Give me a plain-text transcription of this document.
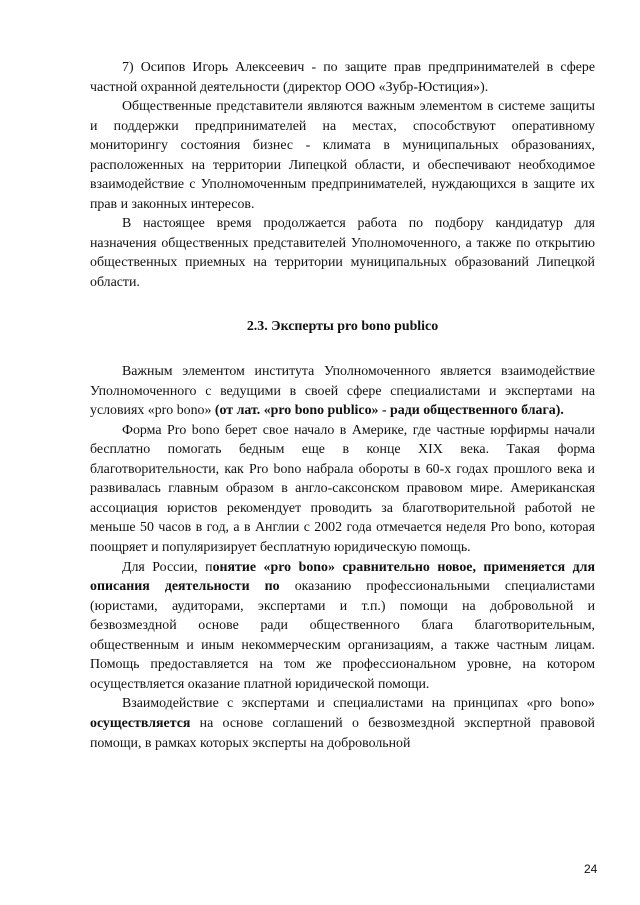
7) Осипов Игорь Алексеевич - по защите прав предпринимателей в сфере частной охранной деятельности (директор ООО «Зубр-Юстиция»).

Общественные представители являются важным элементом в системе защиты и поддержки предпринимателей на местах, способствуют оперативному мониторингу состояния бизнес - климата в муниципальных образованиях, расположенных на территории Липецкой области, и обеспечивают необходимое взаимодействие с Уполномоченным предпринимателей, нуждающихся в защите их прав и законных интересов.

В настоящее время продолжается работа по подбору кандидатур для назначения общественных представителей Уполномоченного, а также по открытию общественных приемных на территории муниципальных образований Липецкой области.

2.3. Эксперты pro bono publico

Важным элементом института Уполномоченного является взаимодействие Уполномоченного с ведущими в своей сфере специалистами и экспертами на условиях «pro bono» (от лат. «pro bono publico» - ради общественного блага).

Форма Pro bono берет свое начало в Америке, где частные юрфирмы начали бесплатно помогать бедным еще в конце XIX века. Такая форма благотворительности, как Pro bono набрала обороты в 60-х годах прошлого века и развивалась главным образом в англо-саксонском правовом мире. Американская ассоциация юристов рекомендует проводить за благотворительной работой не меньше 50 часов в год, а в Англии с 2002 года отмечается неделя Pro bono, которая поощряет и популяризирует бесплатную юридическую помощь.

Для России, понятие «pro bono» сравнительно новое, применяется для описания деятельности по оказанию профессиональными специалистами (юристами, аудиторами, экспертами и т.п.) помощи на добровольной и безвозмездной основе ради общественного блага благотворительным, общественным и иным некоммерческим организациям, а также частным лицам. Помощь предоставляется на том же профессиональном уровне, на котором осуществляется оказание платной юридической помощи.

Взаимодействие с экспертами и специалистами на принципах «pro bono» осуществляется на основе соглашений о безвозмездной экспертной правовой помощи, в рамках которых эксперты на добровольной

24
